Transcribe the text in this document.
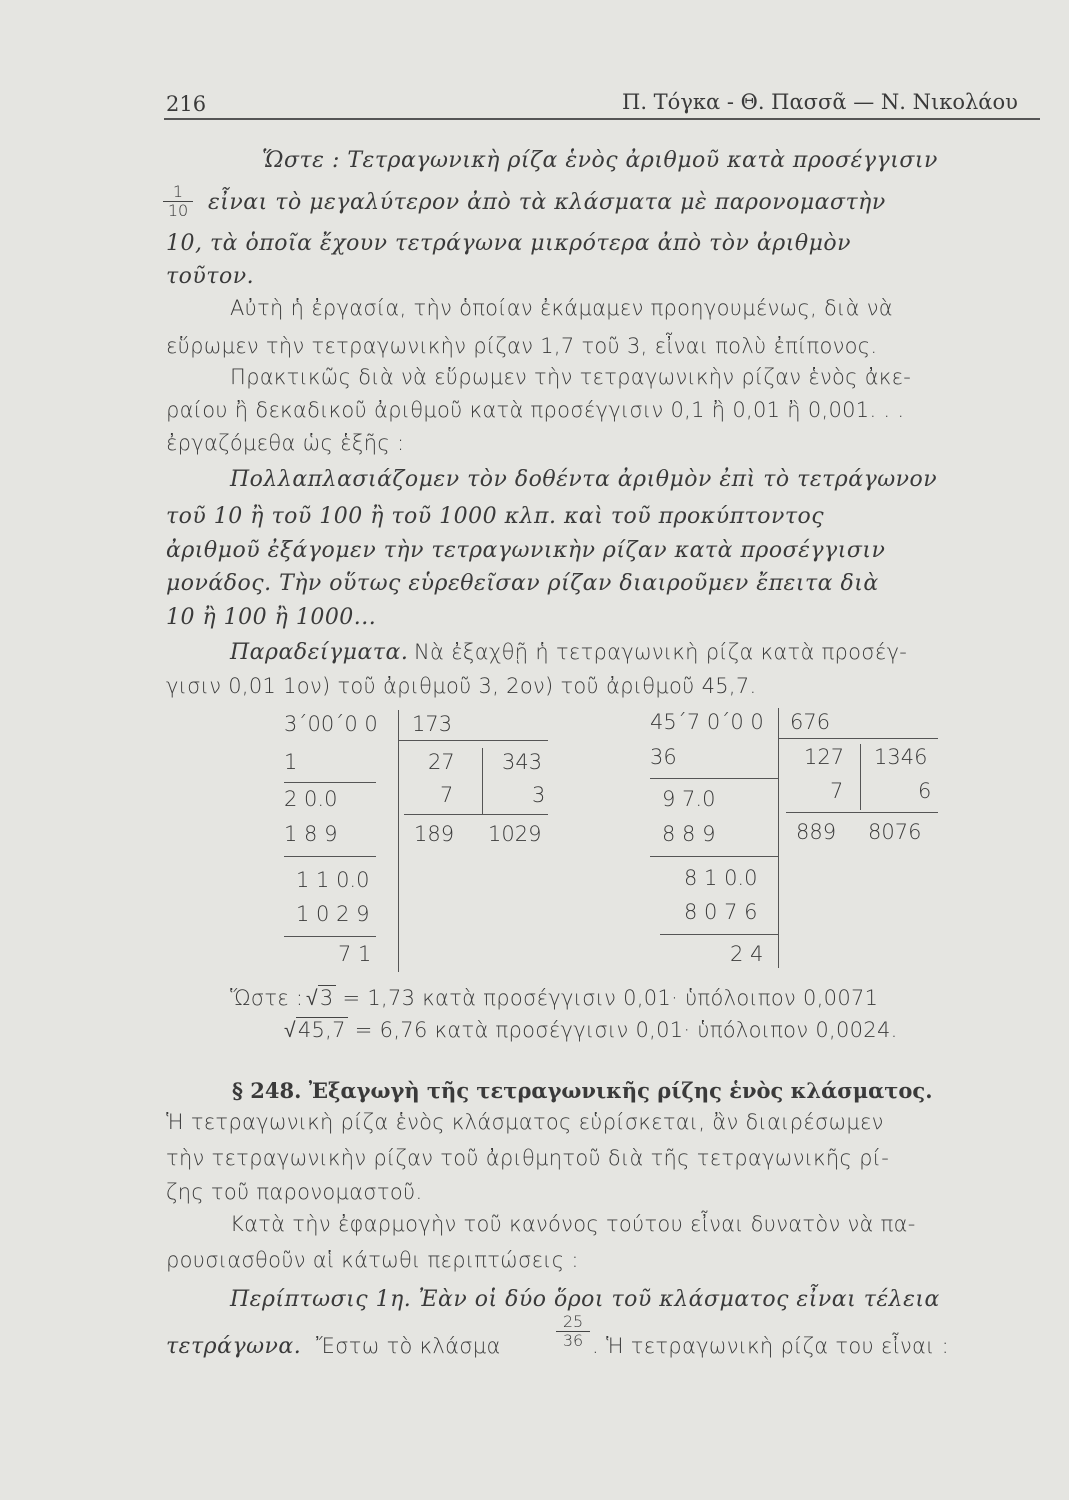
216	Π. Τόγκα - Θ. Πασσᾶ — Ν. Νικολάου
Ὥστε : Τετραγωνικὴ ρίζα ἑνὸς ἀριθμοῦ κατὰ προσέγγισιν
$\frac{1}{10}$ εἶναι τὸ μεγαλύτερον ἀπὸ τὰ κλάσματα μὲ παρονομαστὴν
10, τὰ ὁποῖα ἔχουν τετράγωνα μικρότερα ἀπὸ τὸν ἀριθμὸν
τοῦτον.
Αὐτὴ ἡ ἐργασία, τὴν ὁποίαν ἐκάμαμεν προηγουμένως, διὰ νὰ
εὕρωμεν τὴν τετραγωνικὴν ρίζαν 1,7 τοῦ 3, εἶναι πολὺ ἐπίπονος.
Πρακτικῶς διὰ νὰ εὕρωμεν τὴν τετραγωνικὴν ρίζαν ἑνὸς ἀκε-
ραίου ἢ δεκαδικοῦ ἀριθμοῦ κατὰ προσέγγισιν 0,1 ἢ 0,01 ἢ 0,001. . .
ἐργαζόμεθα ὡς ἑξῆς :
Πολλαπλασιάζομεν τὸν δοθέντα ἀριθμὸν ἐπὶ τὸ τετράγωνον
τοῦ 10 ἢ τοῦ 100 ἢ τοῦ 1000 κλπ. καὶ τοῦ προκύπτοντος
ἀριθμοῦ ἐξάγομεν τὴν τετραγωνικὴν ρίζαν κατὰ προσέγγισιν
μονάδος. Τὴν οὕτως εὑρεθεῖσαν ρίζαν διαιροῦμεν ἔπειτα διὰ
10 ἢ 100 ἢ 1000...
Παραδείγματα. Νὰ ἐξαχθῇ ἡ τετραγωνικὴ ρίζα κατὰ προσέγ-
γισιν 0,01 1ον) τοῦ ἀριθμοῦ 3, 2ον) τοῦ ἀριθμοῦ 45,7.
3΄00΄0 0 173
1
2 0.0
1 8 9
1 1 0.0
1 0 2 9
7 1
27
7
189
343
3
1029
45΄7 0΄0 0 676
36
9 7.0
8 8 9
8 1 0.0
8 0 7 6
2 4
127
7
889
1346
6
8076
Ὥστε : √3 = 1,73 κατὰ προσέγγισιν 0,01· ὑπόλοιπον 0,0071
√45,7 = 6,76 κατὰ προσέγγισιν 0,01· ὑπόλοιπον 0,0024.
§ 248. Ἐξαγωγὴ τῆς τετραγωνικῆς ρίζης ἑνὸς κλάσματος.
Ἡ τετραγωνικὴ ρίζα ἑνὸς κλάσματος εὑρίσκεται, ἂν διαιρέσωμεν
τὴν τετραγωνικὴν ρίζαν τοῦ ἀριθμητοῦ διὰ τῆς τετραγωνικῆς ρί-
ζης τοῦ παρονομαστοῦ.
Κατὰ τὴν ἐφαρμογὴν τοῦ κανόνος τούτου εἶναι δυνατὸν νὰ πα-
ρουσιασθοῦν αἱ κάτωθι περιπτώσεις :
Περίπτωσις 1η. Ἐὰν οἱ δύο ὅροι τοῦ κλάσματος εἶναι τέλεια
τετράγωνα. Ἔστω τὸ κλάσμα	$\frac{25}{36}$ . Ἡ τετραγωνικὴ ρίζα του εἶναι :
